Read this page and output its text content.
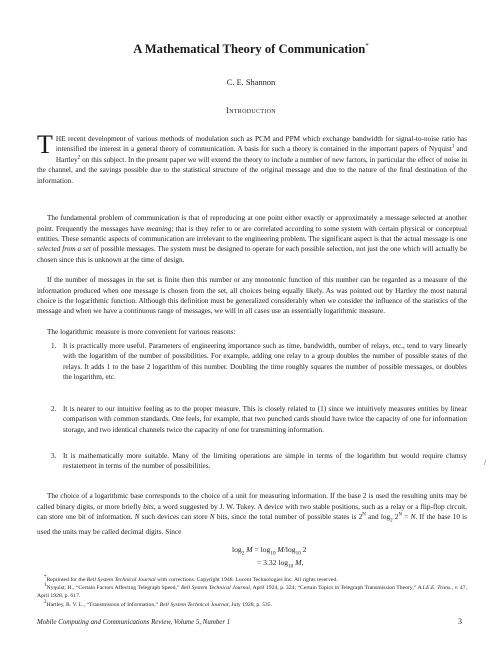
A Mathematical Theory of Communication*
C. E. Shannon
Introduction
THE recent development of various methods of modulation such as PCM and PPM which exchange bandwidth for signal-to-noise ratio has intensified the interest in a general theory of communication. A basis for such a theory is contained in the important papers of Nyquist$^1$ and Hartley$^2$ on this subject. In the present paper we will extend the theory to include a number of new factors, in particular the effect of noise in the channel, and the savings possible due to the statistical structure of the original message and due to the nature of the final destination of the information.

The fundamental problem of communication is that of reproducing at one point either exactly or approximately a message selected at another point. Frequently the messages have meaning; that is they refer to or are correlated according to some system with certain physical or conceptual entities. These semantic aspects of communication are irrelevant to the engineering problem. The significant aspect is that the actual message is one selected from a set of possible messages. The system must be designed to operate for each possible selection, not just the one which will actually be chosen since this is unknown at the time of design.

If the number of messages in the set is finite then this number or any monotonic function of this number can be regarded as a measure of the information produced when one message is chosen from the set, all choices being equally likely. As was pointed out by Hartley the most natural choice is the logarithmic function. Although this definition must be generalized considerably when we consider the influence of the statistics of the message and when we have a continuous range of messages, we will in all cases use an essentially logarithmic measure.

The logarithmic measure is more convenient for various reasons:

1. It is practically more useful. Parameters of engineering importance such as time, bandwidth, number of relays, etc., tend to vary linearly with the logarithm of the number of possibilities. For example, adding one relay to a group doubles the number of possible states of the relays. It adds 1 to the base 2 logarithm of this number. Doubling the time roughly squares the number of possible messages, or doubles the logarithm, etc.
2. It is nearer to our intuitive feeling as to the proper measure. This is closely related to (1) since we intuitively measures entities by linear comparison with common standards. One feels, for example, that two punched cards should have twice the capacity of one for information storage, and two identical channels twice the capacity of one for transmitting information.
3. It is mathematically more suitable. Many of the limiting operations are simple in terms of the logarithm but would require clumsy restatement in terms of the number of possibilities.

The choice of a logarithmic base corresponds to the choice of a unit for measuring information. If the base 2 is used the resulting units may be called binary digits, or more briefly bits, a word suggested by J. W. Tukey. A device with two stable positions, such as a relay or a flip-flop circuit, can store one bit of information. N such devices can store N bits, since the total number of possible states is 2$^N$ and $\log_2 2^N = N$. If the base 10 is used the units may be called decimal digits. Since

$\log_2 M = \log_{10} M/\log_{10}$ 2
= 3.32 $\log_{10} M$,
*Reprinted for the Bell System Technical Journal with corrections. Copyright 1948. Lucent Technologies Inc. All rights reserved.
$^1$Nyquist, H., “Certain Factors Affecting Telegraph Speed,” Bell System Technical Journal, April 1924, p. 324; “Certain Topics in Telegraph Transmission Theory,” A.I.E.E. Trans., v. 47, April 1928, p. 617.
$^2$Hartley, R. V. L., “Transmission of Information,” Bell System Technical Journal, July 1928, p. 535.
/
Mobile Computing and Communications Review, Volume 5, Number 1	3
